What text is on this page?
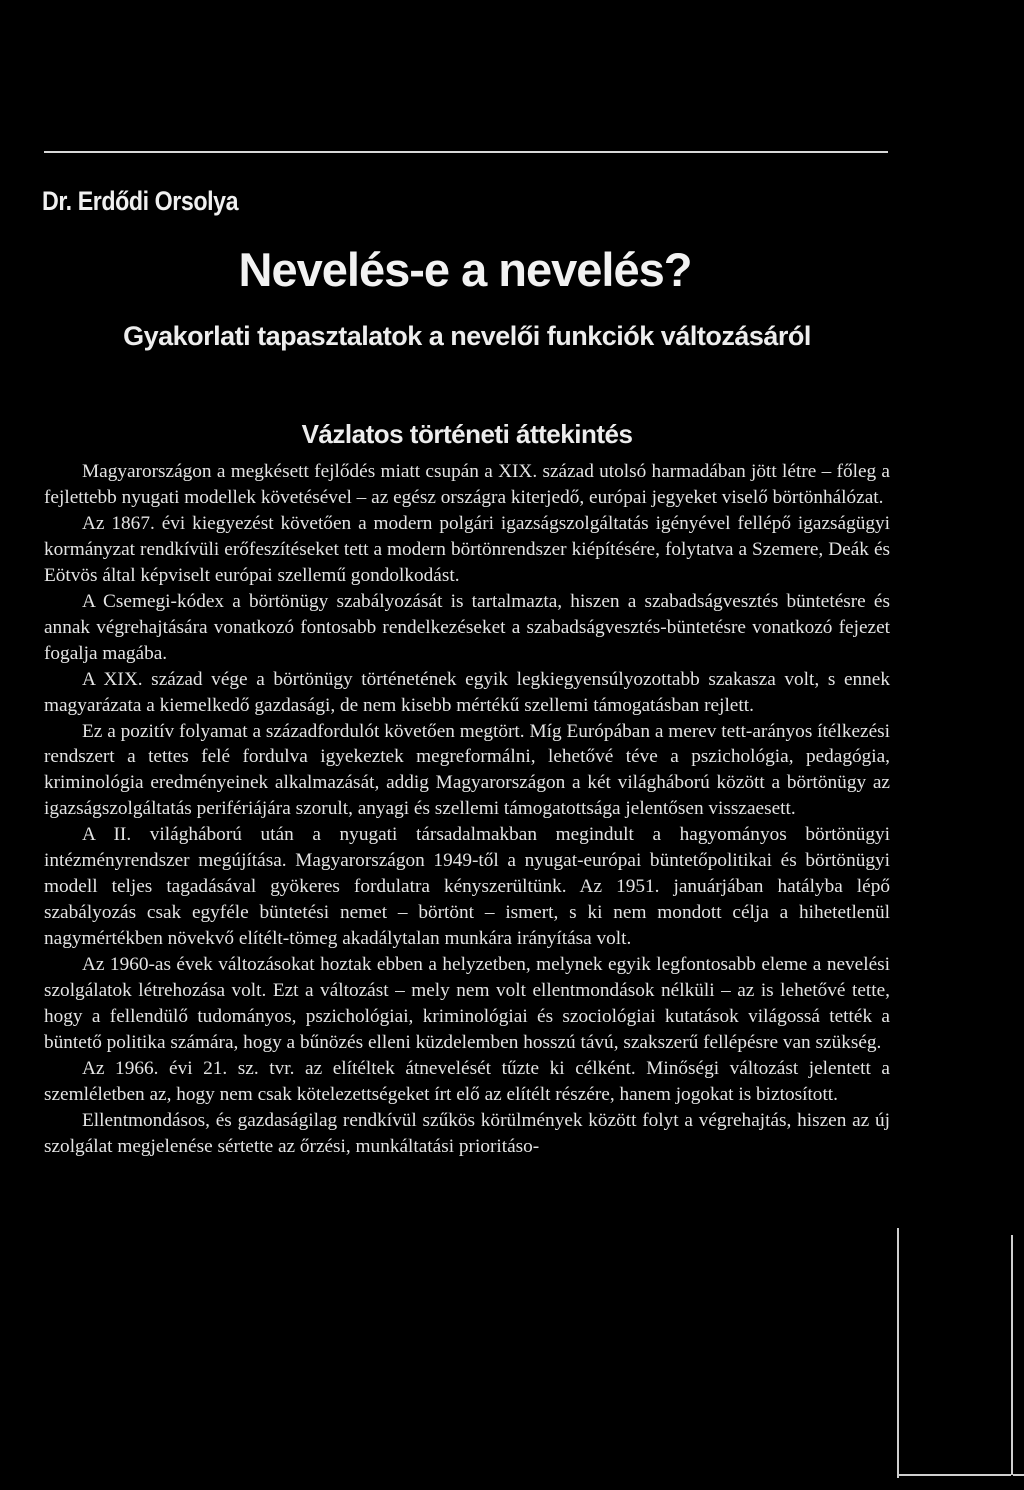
Dr. Erdődi Orsolya
Nevelés-e a nevelés?
Gyakorlati tapasztalatok a nevelői funkciók változásáról
Vázlatos történeti áttekintés

Magyarországon a megkésett fejlődés miatt csupán a XIX. század utolsó harmadában jött létre – főleg a fejlettebb nyugati modellek követésével – az egész országra kiterjedő, európai jegyeket viselő börtönhálózat.

Az 1867. évi kiegyezést követően a modern polgári igazságszolgáltatás igényével fellépő igazságügyi kormányzat rendkívüli erőfeszítéseket tett a modern börtönrendszer kiépítésére, folytatva a Szemere, Deák és Eötvös által képviselt európai szellemű gondolkodást.

A Csemegi-kódex a börtönügy szabályozását is tartalmazta, hiszen a szabadságvesztés büntetésre és annak végrehajtására vonatkozó fontosabb rendelkezéseket a szabadságvesztés-büntetésre vonatkozó fejezet fogalja magába.

A XIX. század vége a börtönügy történetének egyik legkiegyensúlyozottabb szakasza volt, s ennek magyarázata a kiemelkedő gazdasági, de nem kisebb mértékű szellemi támogatásban rejlett.

Ez a pozitív folyamat a századfordulót követően megtört. Míg Európában a merev tett-arányos ítélkezési rendszert a tettes felé fordulva igyekeztek megreformálni, lehetővé téve a pszichológia, pedagógia, kriminológia eredményeinek alkalmazását, addig Magyarországon a két világháború között a börtönügy az igazságszolgáltatás perifériájára szorult, anyagi és szellemi támogatottsága jelentősen visszaesett.

A II. világháború után a nyugati társadalmakban megindult a hagyományos börtönügyi intézményrendszer megújítása. Magyarországon 1949-től a nyugat-európai büntetőpolitikai és börtönügyi modell teljes tagadásával gyökeres fordulatra kényszerültünk. Az 1951. januárjában hatályba lépő szabályozás csak egyféle büntetési nemet – börtönt – ismert, s ki nem mondott célja a hihetetlenül nagymértékben növekvő elítélt-tömeg akadálytalan munkára irányítása volt.

Az 1960-as évek változásokat hoztak ebben a helyzetben, melynek egyik legfontosabb eleme a nevelési szolgálatok létrehozása volt. Ezt a változást – mely nem volt ellentmondások nélküli – az is lehetővé tette, hogy a fellendülő tudományos, pszichológiai, kriminológiai és szociológiai kutatások világossá tették a büntető politika számára, hogy a bűnözés elleni küzdelemben hosszú távú, szakszerű fellépésre van szükség.

Az 1966. évi 21. sz. tvr. az elítéltek átnevelését tűzte ki célként. Minőségi változást jelentett a szemléletben az, hogy nem csak kötelezettségeket írt elő az elítélt részére, hanem jogokat is biztosított.

Ellentmondásos, és gazdaságilag rendkívül szűkös körülmények között folyt a végrehajtás, hiszen az új szolgálat megjelenése sértette az őrzési, munkáltatási prioritáso-
